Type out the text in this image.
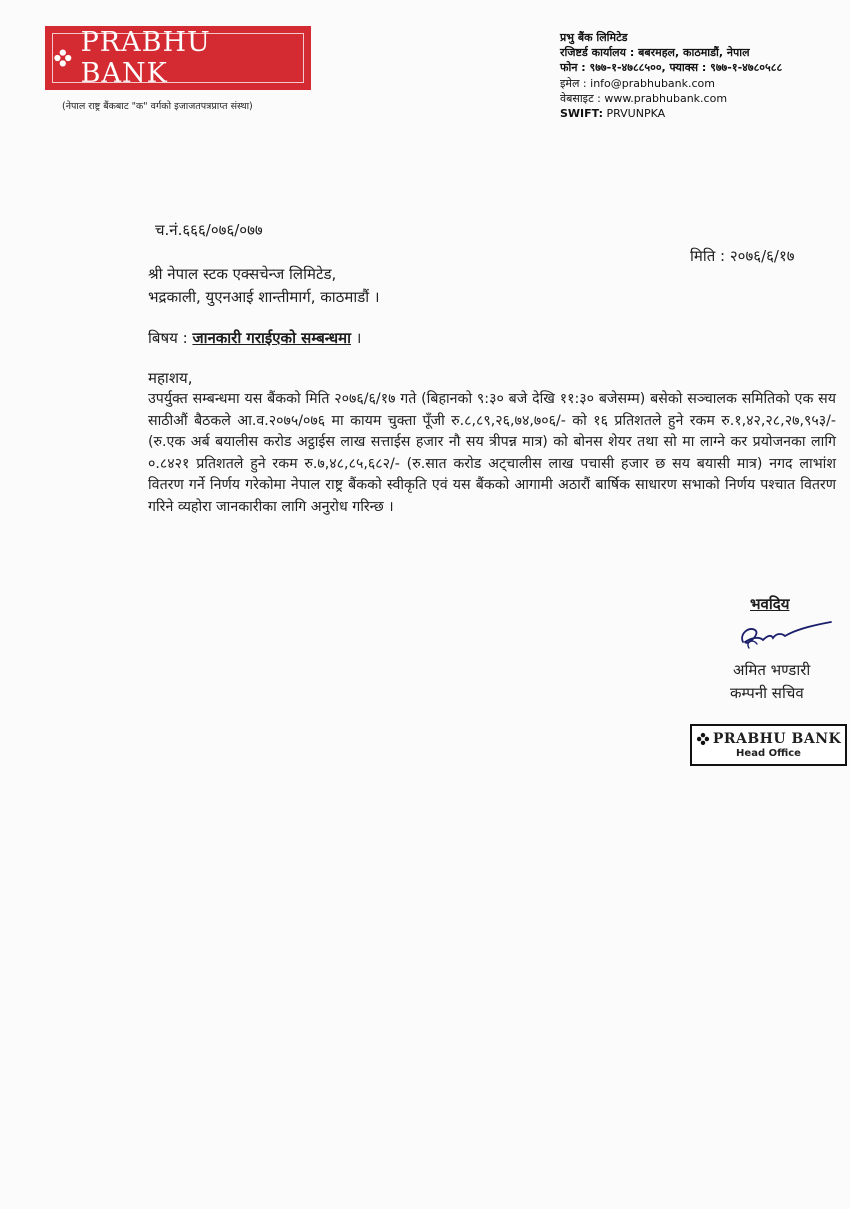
PRABHU BANK
(नेपाल राष्ट्र बैंकबाट "क" वर्गको इजाजतपत्रप्राप्त संस्था)
प्रभु बैंक लिमिटेड
रजिष्टर्ड कार्यालय : बबरमहल, काठमाडौं, नेपाल
फोन : ९७७-१-४७८८५००, फ्याक्स : ९७७-१-४७८०५८८
इमेल : info@prabhubank.com
वेबसाइट : www.prabhubank.com
SWIFT: PRVUNPKA
च.नं.६६६/०७६/०७७
मिति : २०७६/६/१७
श्री नेपाल स्टक एक्सचेन्ज लिमिटेड,
भद्रकाली, युएनआई शान्तीमार्ग, काठमाडौं ।
बिषय : जानकारी गराईएको सम्बन्धमा ।
महाशय,
उपर्युक्त सम्बन्धमा यस बैंकको मिति २०७६/६/१७ गते (बिहानको ९:३० बजे देखि ११:३० बजेसम्म) बसेको सञ्चालक समितिको एक सय साठीऔं बैठकले आ.व.२०७५/०७६ मा कायम चुक्ता पूँजी रु.८,८९,२६,७४,७०६/- को १६ प्रतिशतले हुने रकम रु.१,४२,२८,२७,९५३/- (रु.एक अर्ब बयालीस करोड अट्ठाईस लाख सत्ताईस हजार नौ सय त्रीपन्न मात्र) को बोनस शेयर तथा सो मा लाग्ने कर प्रयोजनका लागि ०.८४२१ प्रतिशतले हुने रकम रु.७,४८,८५,६८२/- (रु.सात करोड अट्चालीस लाख पचासी हजार छ सय बयासी मात्र) नगद लाभांश वितरण गर्ने निर्णय गरेकोमा नेपाल राष्ट्र बैंकको स्वीकृति एवं यस बैंकको आगामी अठारौं बार्षिक साधारण सभाको निर्णय पश्चात वितरण गरिने व्यहोरा जानकारीका लागि अनुरोध गरिन्छ ।
भवदिय
अमित भण्डारी
कम्पनी सचिव
PRABHU BANK
Head Office
